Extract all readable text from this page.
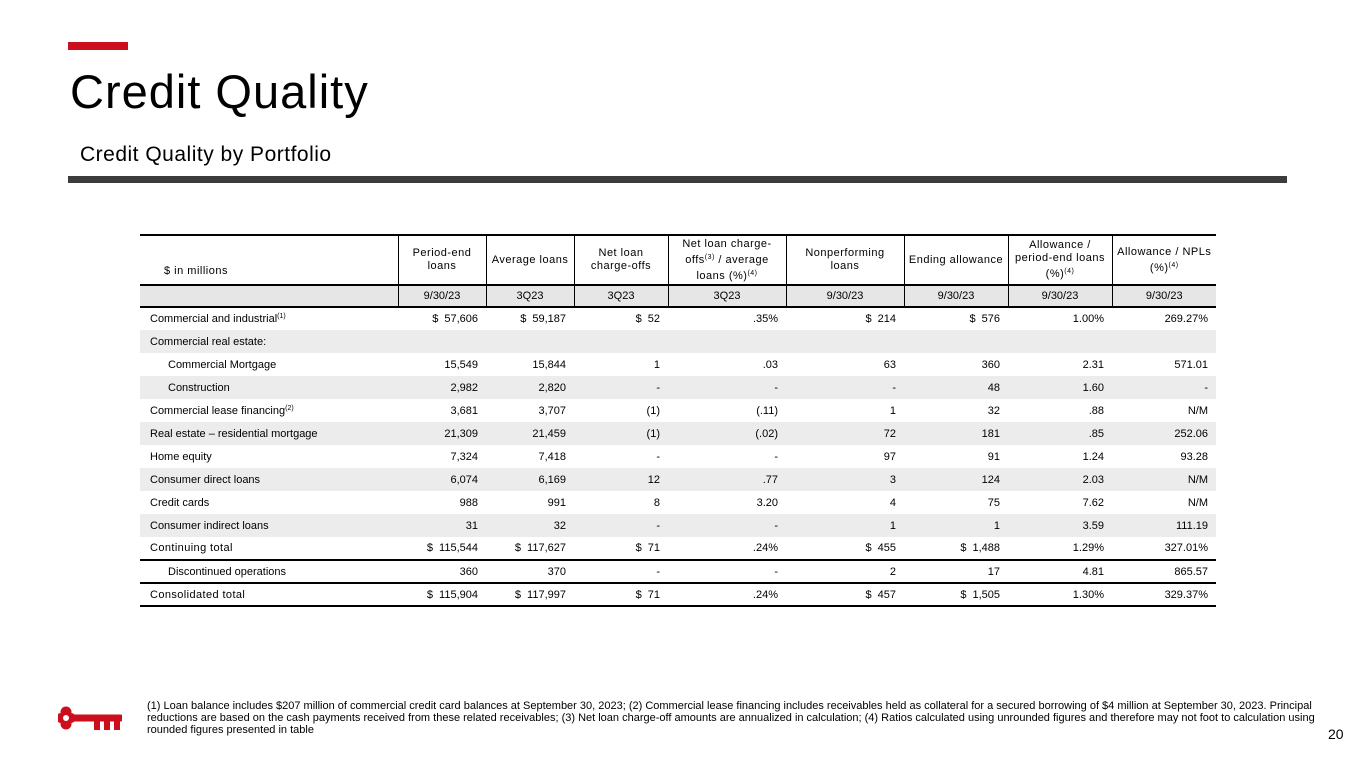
Credit Quality
Credit Quality by Portfolio
$ in millions	Period-end loans	Average loans	Net loan charge-offs	Net loan charge-offs$^{(3)}$ / average loans (%)$^{(4)}$	Nonperforming loans	Ending allowance	Allowance / period-end loans (%)$^{(4)}$	Allowance / NPLs (%)$^{(4)}$
	9/30/23	3Q23	3Q23	3Q23	9/30/23	9/30/23	9/30/23	9/30/23
Commercial and industrial$^{(1)}$	$ 57,606	$ 59,187	$ 52	.35%	$ 214	$ 576	1.00%	269.27%
Commercial real estate:								
Commercial Mortgage	15,549	15,844	1	.03	63	360	2.31	571.01
Construction	2,982	2,820	-	-	-	48	1.60	-
Commercial lease financing$^{(2)}$	3,681	3,707	(1)	(.11)	1	32	.88	N/M
Real estate – residential mortgage	21,309	21,459	(1)	(.02)	72	181	.85	252.06
Home equity	7,324	7,418	-	-	97	91	1.24	93.28
Consumer direct loans	6,074	6,169	12	.77	3	124	2.03	N/M
Credit cards	988	991	8	3.20	4	75	7.62	N/M
Consumer indirect loans	31	32	-	-	1	1	3.59	111.19
Continuing total	$ 115,544	$ 117,627	$ 71	.24%	$ 455	$ 1,488	1.29%	327.01%
Discontinued operations	360	370	-	-	2	17	4.81	865.57
Consolidated total	$ 115,904	$ 117,997	$ 71	.24%	$ 457	$ 1,505	1.30%	329.37%
(1) Loan balance includes $207 million of commercial credit card balances at September 30, 2023; (2) Commercial lease financing includes receivables held as collateral for a secured borrowing of $4 million at September 30, 2023. Principal reductions are based on the cash payments received from these related receivables; (3) Net loan charge-off amounts are annualized in calculation; (4) Ratios calculated using unrounded figures and therefore may not foot to calculation using rounded figures presented in table	20
